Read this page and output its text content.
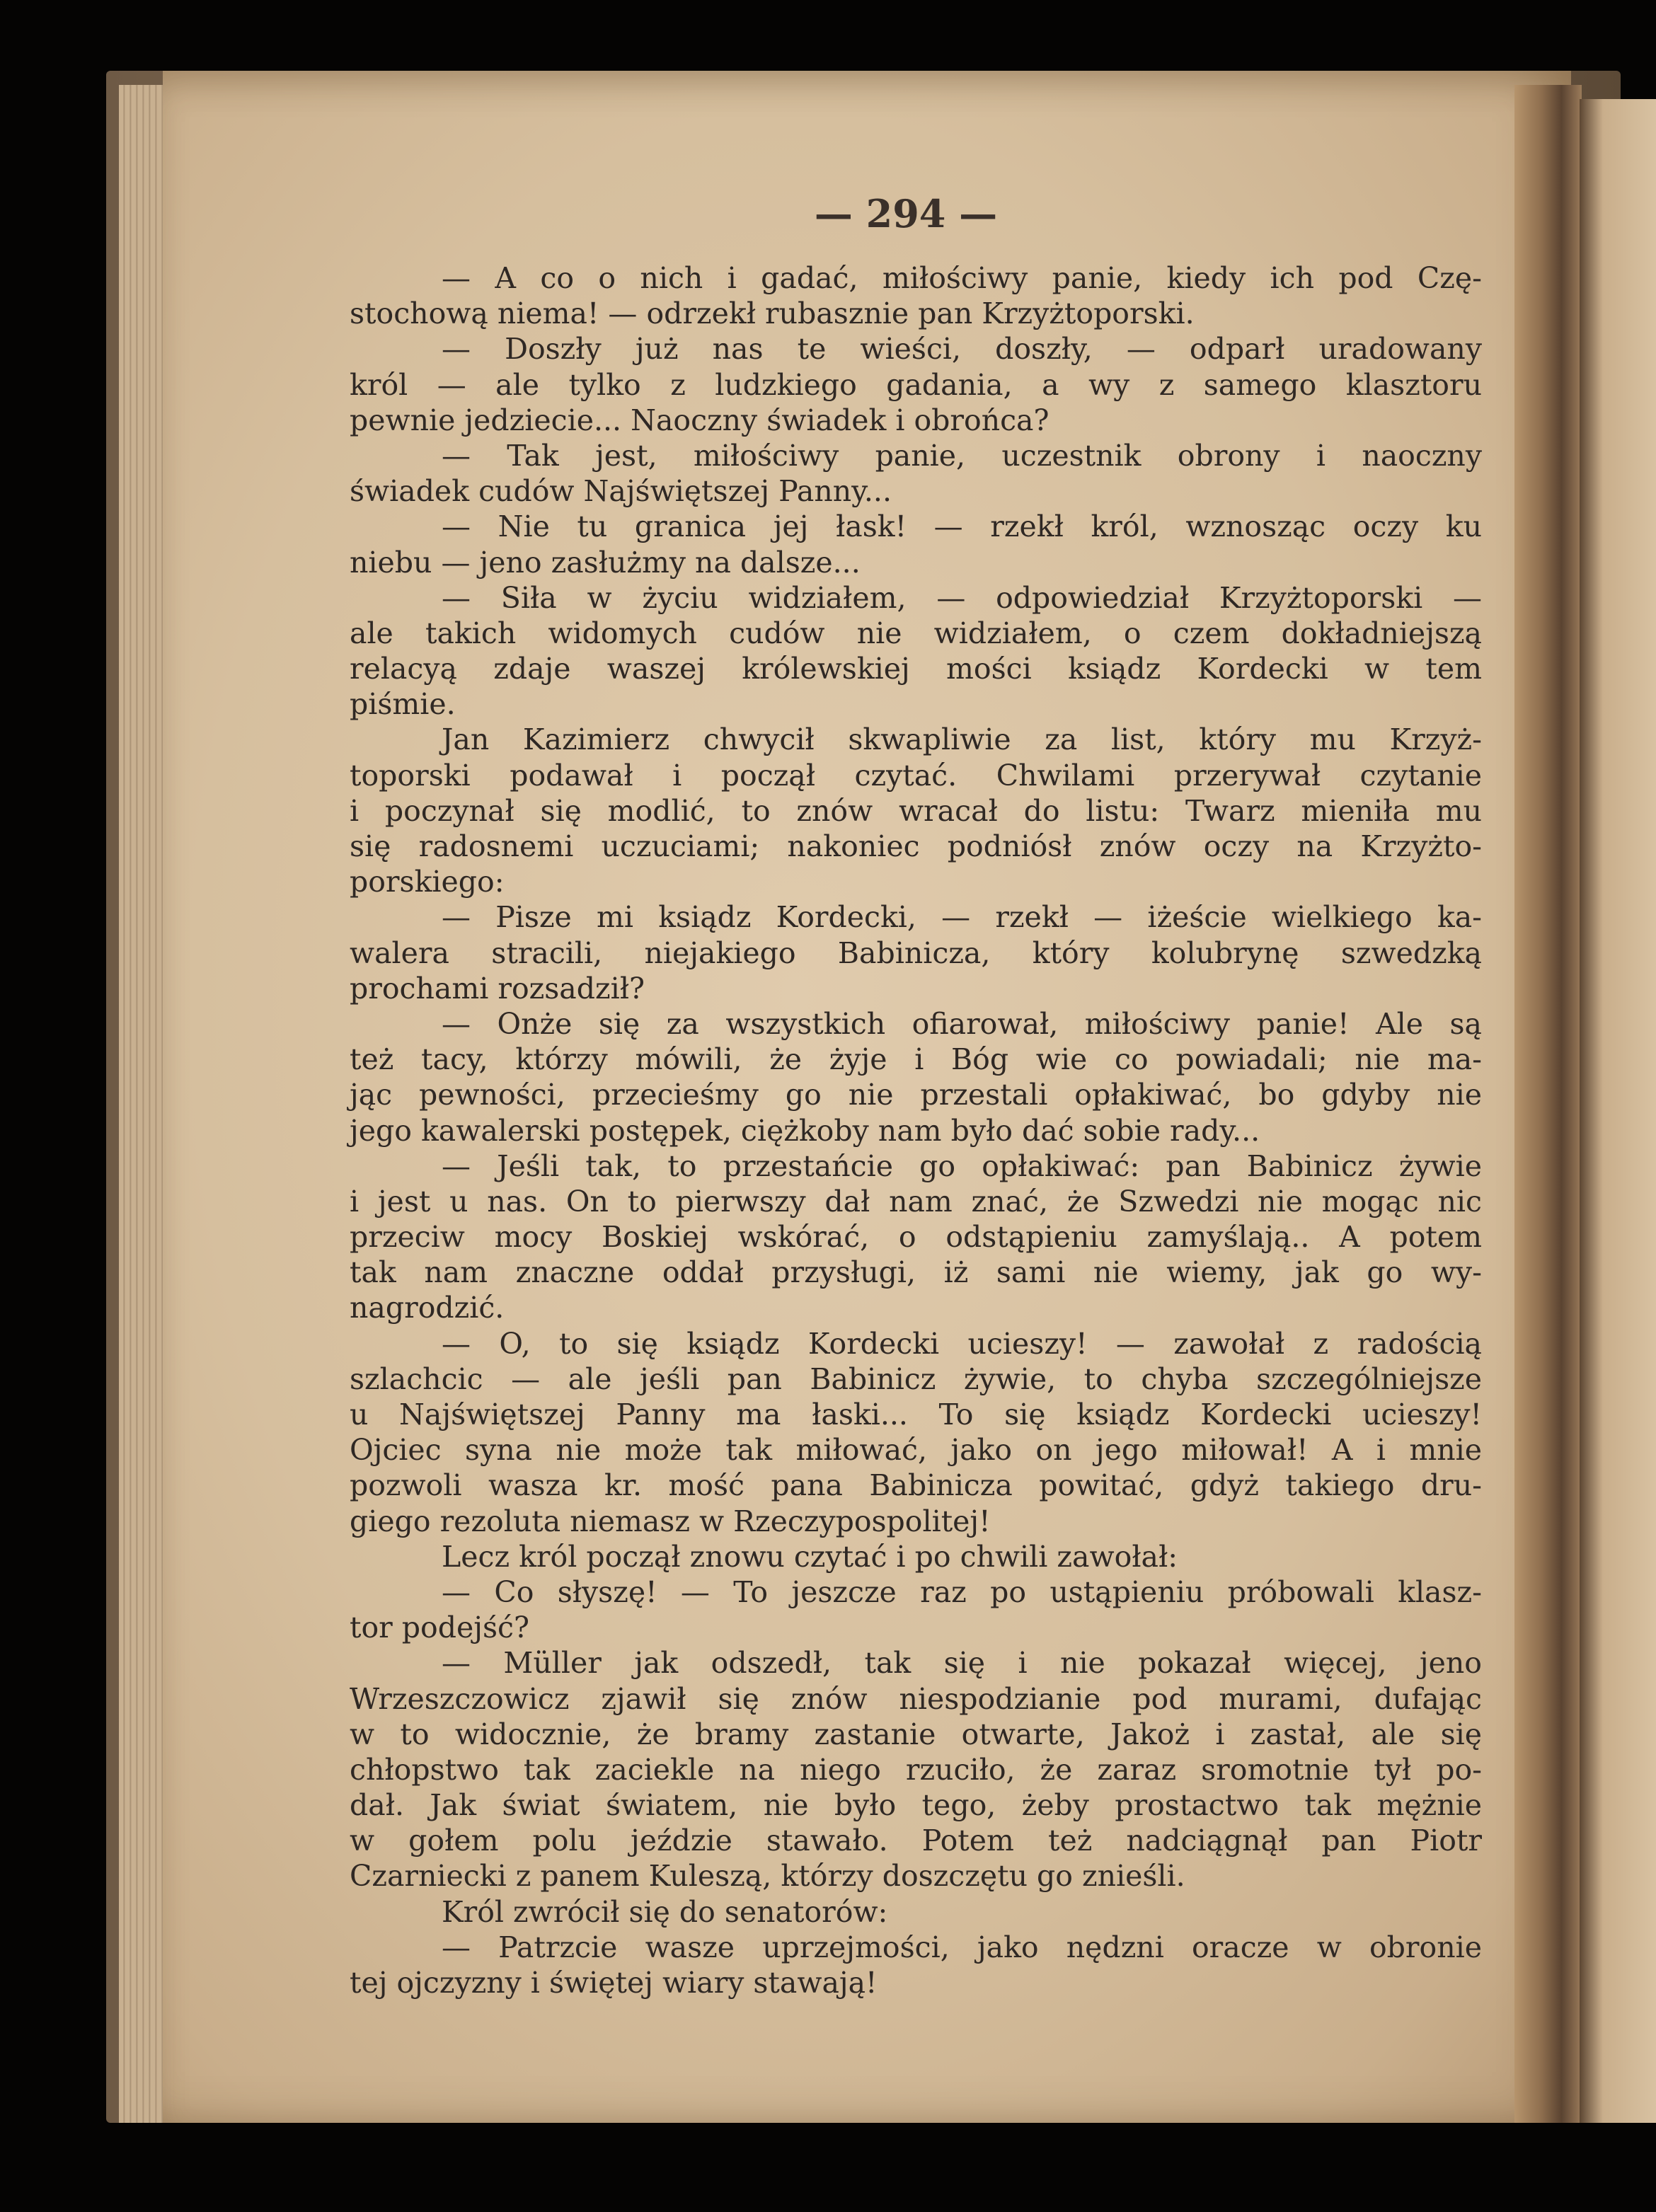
— 294 —
— A co o nich i gadać, miłościwy panie, kiedy ich pod Czę-
stochową niema! — odrzekł rubasznie pan Krzyżtoporski.
— Doszły już nas te wieści, doszły, — odparł uradowany
król — ale tylko z ludzkiego gadania, a wy z samego klasztoru
pewnie jedziecie... Naoczny świadek i obrońca?
— Tak jest, miłościwy panie, uczestnik obrony i naoczny
świadek cudów Najświętszej Panny...
— Nie tu granica jej łask! — rzekł król, wznosząc oczy ku
niebu — jeno zasłużmy na dalsze...
— Siła w życiu widziałem, — odpowiedział Krzyżtoporski —
ale takich widomych cudów nie widziałem, o czem dokładniejszą
relacyą zdaje waszej królewskiej mości ksiądz Kordecki w tem
piśmie.
Jan Kazimierz chwycił skwapliwie za list, który mu Krzyż-
toporski podawał i począł czytać. Chwilami przerywał czytanie
i poczynał się modlić, to znów wracał do listu: Twarz mieniła mu
się radosnemi uczuciami; nakoniec podniósł znów oczy na Krzyżto-
porskiego:
— Pisze mi ksiądz Kordecki, — rzekł — iżeście wielkiego ka-
walera stracili, niejakiego Babinicza, który kolubrynę szwedzką
prochami rozsadził?
— Onże się za wszystkich ofiarował, miłościwy panie! Ale są
też tacy, którzy mówili, że żyje i Bóg wie co powiadali; nie ma-
jąc pewności, przecieśmy go nie przestali opłakiwać, bo gdyby nie
jego kawalerski postępek, ciężkoby nam było dać sobie rady...
— Jeśli tak, to przestańcie go opłakiwać: pan Babinicz żywie
i jest u nas. On to pierwszy dał nam znać, że Szwedzi nie mogąc nic
przeciw mocy Boskiej wskórać, o odstąpieniu zamyślają.. A potem
tak nam znaczne oddał przysługi, iż sami nie wiemy, jak go wy-
nagrodzić.
— O, to się ksiądz Kordecki ucieszy! — zawołał z radością
szlachcic — ale jeśli pan Babinicz żywie, to chyba szczególniejsze
u Najświętszej Panny ma łaski... To się ksiądz Kordecki ucieszy!
Ojciec syna nie może tak miłować, jako on jego miłował! A i mnie
pozwoli wasza kr. mość pana Babinicza powitać, gdyż takiego dru-
giego rezoluta niemasz w Rzeczypospolitej!
Lecz król począł znowu czytać i po chwili zawołał:
— Co słyszę! — To jeszcze raz po ustąpieniu próbowali klasz-
tor podejść?
— Müller jak odszedł, tak się i nie pokazał więcej, jeno
Wrzeszczowicz zjawił się znów niespodzianie pod murami, dufając
w to widocznie, że bramy zastanie otwarte, Jakoż i zastał, ale się
chłopstwo tak zaciekle na niego rzuciło, że zaraz sromotnie tył po-
dał. Jak świat światem, nie było tego, żeby prostactwo tak mężnie
w gołem polu jeździe stawało. Potem też nadciągnął pan Piotr
Czarniecki z panem Kuleszą, którzy doszczętu go znieśli.
Król zwrócił się do senatorów:
— Patrzcie wasze uprzejmości, jako nędzni oracze w obronie
tej ojczyzny i świętej wiary stawają!
